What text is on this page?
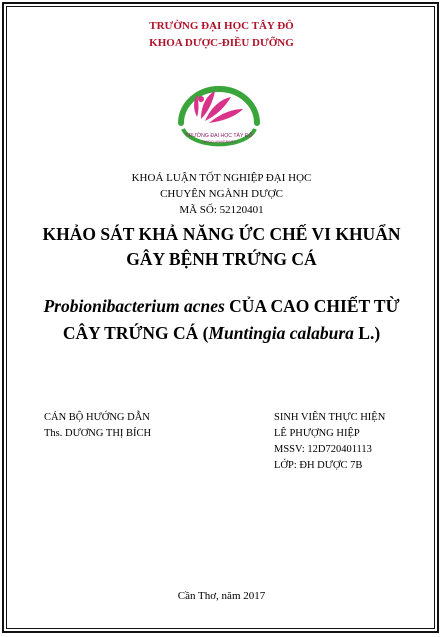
TRƯỜNG ĐẠI HỌC TÂY ĐÔ
KHOA DƯỢC-ĐIỀU DƯỠNG
TRƯỜNG ĐẠI HỌC TÂY ĐÔ
TAYDO UNIVERSITY
KHOÁ LUẬN TỐT NGHIỆP ĐẠI HỌC
CHUYÊN NGÀNH DƯỢC
MÃ SỐ: 52120401
KHẢO SÁT KHẢ NĂNG ỨC CHẾ VI KHUẨN
GÂY BỆNH TRỨNG CÁ
Probionibacterium acnes CỦA CAO CHIẾT TỪ
CÂY TRỨNG CÁ (Muntingia calabura L.)
CÁN BỘ HƯỚNG DẪN
Ths. DƯƠNG THỊ BÍCH
SINH VIÊN THỰC HIỆN
LÊ PHƯỢNG HIỆP
MSSV: 12D720401113
LỚP: ĐH DƯỢC 7B
Cần Thơ, năm 2017
